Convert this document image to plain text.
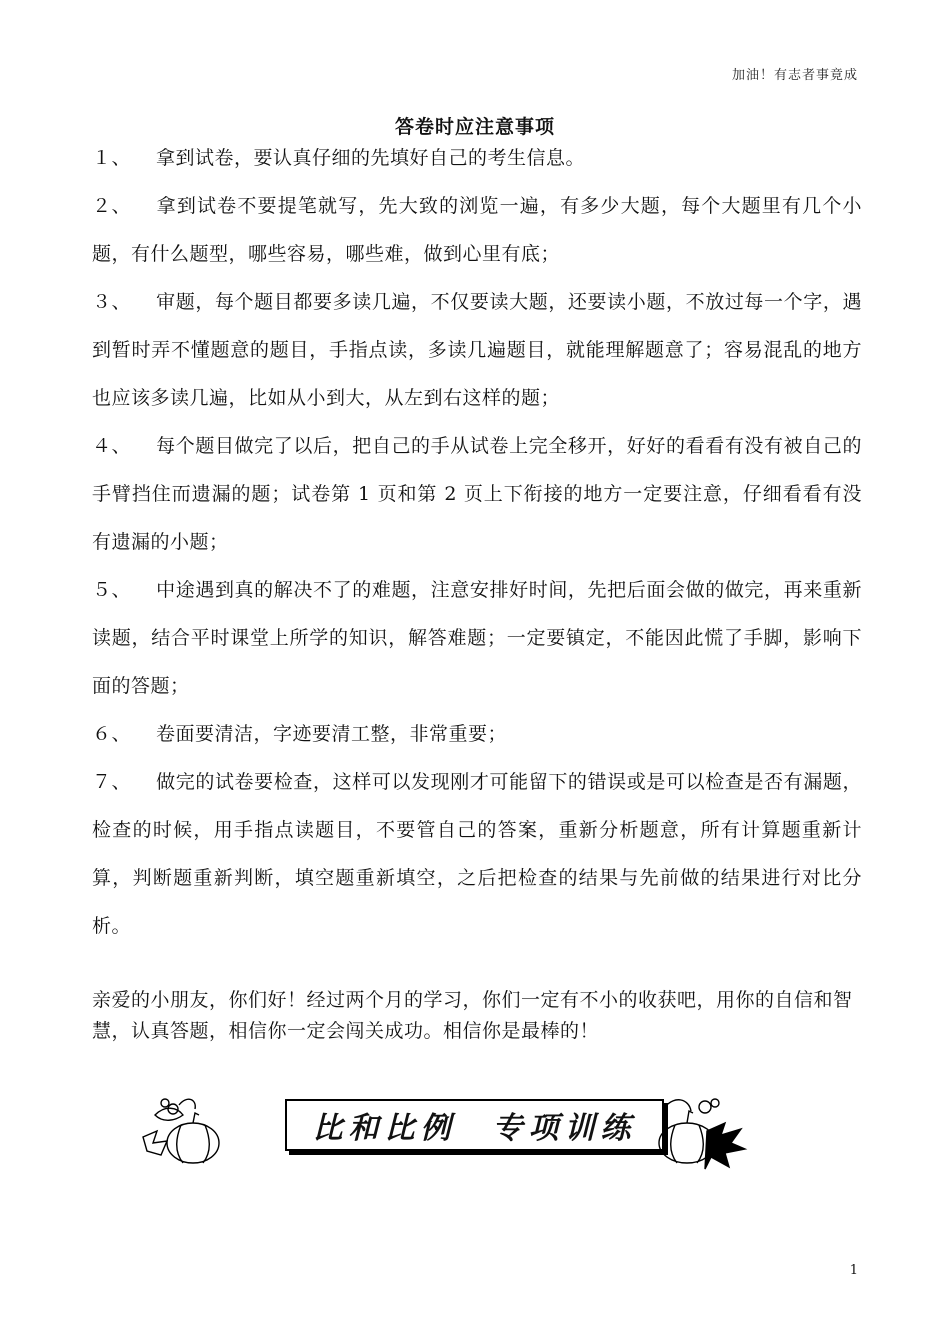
加油！有志者事竟成
答卷时应注意事项

１、 拿到试卷，要认真仔细的先填好自己的考生信息。

２、 拿到试卷不要提笔就写，先大致的浏览一遍，有多少大题，每个大题里有几个小题，有什么题型，哪些容易，哪些难，做到心里有底；

３、 审题，每个题目都要多读几遍，不仅要读大题，还要读小题，不放过每一个字，遇到暂时弄不懂题意的题目，手指点读，多读几遍题目，就能理解题意了；容易混乱的地方也应该多读几遍，比如从小到大，从左到右这样的题；

４、 每个题目做完了以后，把自己的手从试卷上完全移开，好好的看看有没有被自己的手臂挡住而遗漏的题；试卷第 1 页和第 2 页上下衔接的地方一定要注意，仔细看看有没有遗漏的小题；

５、 中途遇到真的解决不了的难题，注意安排好时间，先把后面会做的做完，再来重新读题，结合平时课堂上所学的知识，解答难题；一定要镇定，不能因此慌了手脚，影响下面的答题；

６、 卷面要清洁，字迹要清工整，非常重要；

７、 做完的试卷要检查，这样可以发现刚才可能留下的错误或是可以检查是否有漏题，检查的时候，用手指点读题目，不要管自己的答案，重新分析题意，所有计算题重新计算，判断题重新判断，填空题重新填空，之后把检查的结果与先前做的结果进行对比分析。

亲爱的小朋友，你们好！经过两个月的学习，你们一定有不小的收获吧，用你的自信和智慧，认真答题，相信你一定会闯关成功。相信你是最棒的！

比和比例　专项训练
1
